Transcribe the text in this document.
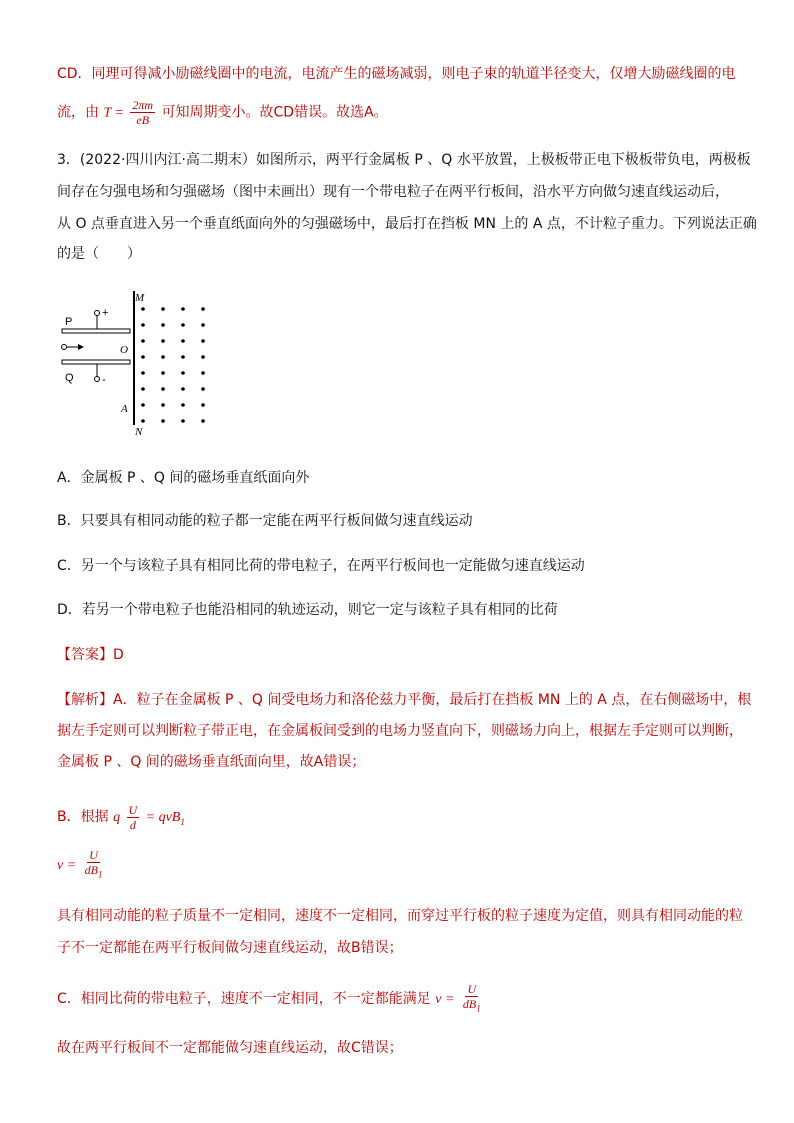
CD．同理可得减小励磁线圈中的电流，电流产生的磁场减弱，则电子束的轨道半径变大，仅增大励磁线圈的电
流，由 $T = \frac{2\pi m}{eB}$ 可知周期变小。故CD错误。故选A。
3．(2022·四川内江·高二期末）如图所示，两平行金属板 P 、Q 水平放置，上极板带正电下极板带负电，两极板
间存在匀强电场和匀强磁场（图中未画出）现有一个带电粒子在两平行板间，沿水平方向做匀速直线运动后，
从 O 点垂直进入另一个垂直纸面向外的匀强磁场中，最后打在挡板 MN 上的 A 点，不计粒子重力。下列说法正确
的是（　　）
M
N
O
A
P
+
Q	-
A．金属板 P 、Q 间的磁场垂直纸面向外
B．只要具有相同动能的粒子都一定能在两平行板间做匀速直线运动
C．另一个与该粒子具有相同比荷的带电粒子，在两平行板间也一定能做匀速直线运动
D．若另一个带电粒子也能沿相同的轨迹运动，则它一定与该粒子具有相同的比荷
【答案】D
【解析】A．粒子在金属板 P 、Q 间受电场力和洛伦兹力平衡，最后打在挡板 MN 上的 A 点，在右侧磁场中，根
据左手定则可以判断粒子带正电，在金属板间受到的电场力竖直向下，则磁场力向上，根据左手定则可以判断，
金属板 P 、Q 间的磁场垂直纸面向里，故A错误；
B．根据 q $\frac{U}{d} = qvB_1$
$v = \frac{U}{dB_1}$
具有相同动能的粒子质量不一定相同，速度不一定相同，而穿过平行板的粒子速度为定值，则具有相同动能的粒
子不一定都能在两平行板间做匀速直线运动，故B错误；
C．相同比荷的带电粒子，速度不一定相同，不一定都能满足 $v = \frac{U}{dB_1}$
故在两平行板间不一定都能做匀速直线运动，故C错误；
